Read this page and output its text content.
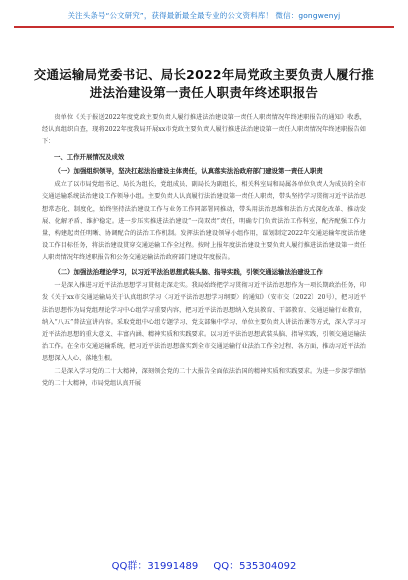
关注头条号“公文研究”，获得最新最全最专业的公文资料库！ 微信：gongwenyj
交通运输局党委书记、局长2022年局党政主要负责人履行推进法治建设第一责任人职责年终述职报告
贵单位《关于报送2022年度党政主要负责人履行推进法治建设第一责任人职责情况年终述职报告的通知》收悉，经认真组织自查，现将2022年度我局开展xx市党政主要负责人履行推进法治建设第一责任人职责情况年终述职报告如下：
一、工作开展情况及成效
（一）加强组织领导，坚决扛起法治建设主体责任，认真落实法治政府部门建设第一责任人职责
成立了以市局党组书记、局长为组长，党组成员、副局长为副组长，相关科室局和局属各单位负责人为成员的全市交通运输系统法治建设工作领导小组。主要负责人认真履行法治建设第一责任人职责，带头坚持学习贯彻习近平法治思想常态化、制度化，始终坚持法治建设工作与业务工作同部署同推动，带头用法治思维和法治方式深化改革、推动发展、化解矛盾、维护稳定。进一步压实推进法治建设“一岗双责”责任，明确专门负责法治工作科室，配齐配强工作力量，构建起责任明晰、协调配合的法治工作机制。发挥法治建设领导小组作用，谋划制定2022年交通运输年度法治建设工作目标任务，将法治建设贯穿交通运输工作全过程。按时上报年度法治建设主要负责人履行推进法治建设第一责任人职责情况年终述职报告和公务交通运输法治政府部门建设年度报告。
（二）加强法治理论学习，以习近平法治思想武装头脑、指导实践，引领交通运输法治建设工作
一是深入推进习近平法治思想学习贯彻走深走实。我局始终把学习贯彻习近平法治思想作为一项长期政治任务，印发《关于xx市交通运输局关于认真组织学习〈习近平法治思想学习纲要〉的通知》（安市交〔2022〕20号），把习近平法治思想作为局党组理论学习中心组学习重要内容，把习近平法治思想纳入党员教育、干部教育、交通运输行业教育，纳入“八五”普法宣讲内容。采取党组中心组专题学习、党支部集中学习、单位主要负责人讲法治课等方式，深入学习习近平法治思想的重大意义、丰富内涵、精神实质和实践要求。以习近平法治思想武装头脑、指导实践，引领交通运输法治工作。在全市交通运输系统，把习近平法治思想落实到全市交通运输行业法治工作全过程、各方面，推动习近平法治思想深入人心、落地生根。
二是深入学习党的二十大精神，深刻领会党的二十大报告全面依法治国的精神实质和实践要求。为进一步深学细悟党的二十大精神，市局党组认真开展
QQ群：31991489 QQ：535304092
